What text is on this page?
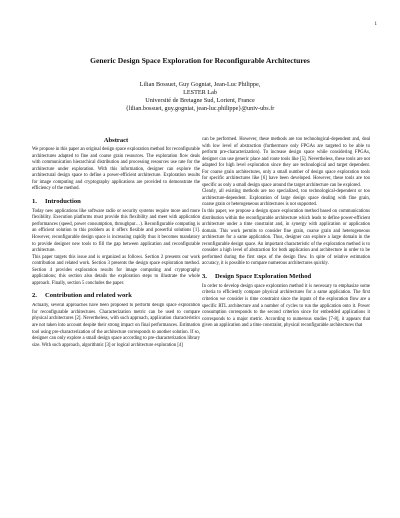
1
Generic Design Space Exploration for Reconfigurable Architectures
Lilian Bossuet, Guy Gogniat, Jean-Luc Philippe,
LESTER Lab
Université de Bretagne Sud, Lorient, France
{lilian.bossuet, guy.gogniat, jean-luc.philippe}@univ-ubs.fr
Abstract

We propose in this paper an original design space exploration method for reconfigurable architectures adapted to fine and coarse grain resources. The exploration flow deals with communication hierarchical distribution and processing resources use rate for the architecture under exploration. With this information, designer can explore the architectural design space to define a power-efficient architecture. Exploration results for image computing and cryptography applications are provided to demonstrate the efficiency of the method.

1. Introduction

Today new applications like software radio or security systems require more and more flexibility. Execution platforms must provide this flexibility and meet with application performances (speed, power consumption, throughput…). Reconfigurable computing is an efficient solution to this problem as it offers flexible and powerful solutions [1]. However, reconfigurable design space is increasing rapidly thus it becomes mandatory to provide designer new tools to fill the gap between application and reconfigurable architecture.

This paper targets this issue and is organized as follows. Section 2 presents our work contribution and related work. Section 3 presents the design space exploration method. Section 4 provides exploration results for image computing and cryptography applications; this section also details the exploration steps to illustrate the whole approach. Finally, section 5 concludes the paper.

2. Contribution and related work

Actually, several approaches have been proposed to perform design space exploration for reconfigurable architectures. Characterization metric can be used to compare physical architectures [2]. Nevertheless, with such approach, application characteristics are not taken into account despite their strong impact on final performances. Estimation tool using pre-characterization of the architecture corresponds to another solution. If so, designer can only explore a small design space according to pre-characterization library size. With such approach, algorithmic [3] or logical architecture exploration [4]

can be performed. However, these methods are too technological-dependent and, deal with low level of abstraction (furthermore only FPGAs are targeted to be able to perform pre-characterization). To increase design space while considering FPGAs, designer can use generic place and route tools like [5]. Nevertheless, these tools are not adapted for high level exploration since they are technological and target dependent. For coarse grain architectures, only a small number of design space exploration tools for specific architectures like [6] have been developed. However, these tools are too specific as only a small design space around the target architecture can be explored.

Clearly, all existing methods are too specialized, too technological-dependent or too architecture-dependent. Exploration of large design space dealing with fine grain, coarse grain or heterogeneous architectures is not supported.

In this paper, we propose a design space exploration method based on communications distribution within the reconfigurable architecture which leads to define power-efficient architecture under a time constraint and, in synergy with application or application domain. This work permits to consider fine grain, coarse grain and heterogeneous architecture for a same application. Thus, designer can explore a large domain in the reconfigurable design space. An important characteristic of the exploration method is to consider a high level of abstraction for both application and architecture in order to be performed during the first steps of the design flow. In spite of relative estimation accuracy, it is possible to compare numerous architectures quickly.

3. Design Space Exploration Method

In order to develop design space exploration method it is necessary to emphasize some criteria to efficiently compare physical architectures for a same application. The first criterion we consider is time constraint since the inputs of the exploration flow are a specific RTL architecture and a number of cycles to run the application onto it. Power consumption corresponds to the second criterion since for embedded applications it corresponds to a major metric. According to numerous studies [7-8], it appears that given an application and a time constraint, physical reconfigurable architectures that
